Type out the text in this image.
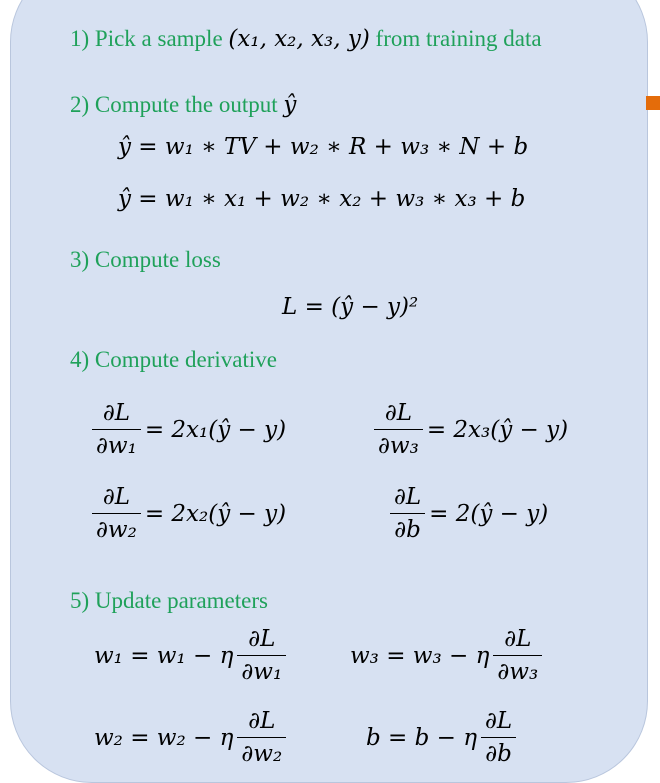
1) Pick a sample (x₁, x₂, x₃, y) from training data
2) Compute the output ŷ
ŷ = w₁ ∗ TV + w₂ ∗ R + w₃ ∗ N + b
ŷ = w₁ ∗ x₁ + w₂ ∗ x₂ + w₃ ∗ x₃ + b
3) Compute loss
L = (ŷ − y)²
4) Compute derivative
$\frac{\partial L}{\text{∂w₁}}$ = 2x₁(ŷ − y)	$\frac{\partial L}{\text{∂w₃}}$ = 2x₃(ŷ − y)
$\frac{\partial L}{\text{∂w₂}}$ = 2x₂(ŷ − y)	$\frac{\partial L}{\partial b}$ = 2(ŷ − y)
5) Update parameters
w₁ = w₁ − η $\frac{\partial L}{\text{∂w₁}}$	w₃ = w₃ − η $\frac{\partial L}{\text{∂w₃}}$
w₂ = w₂ − η $\frac{\partial L}{\text{∂w₂}}$	b = b − η $\frac{\partial L}{\partial b}$
